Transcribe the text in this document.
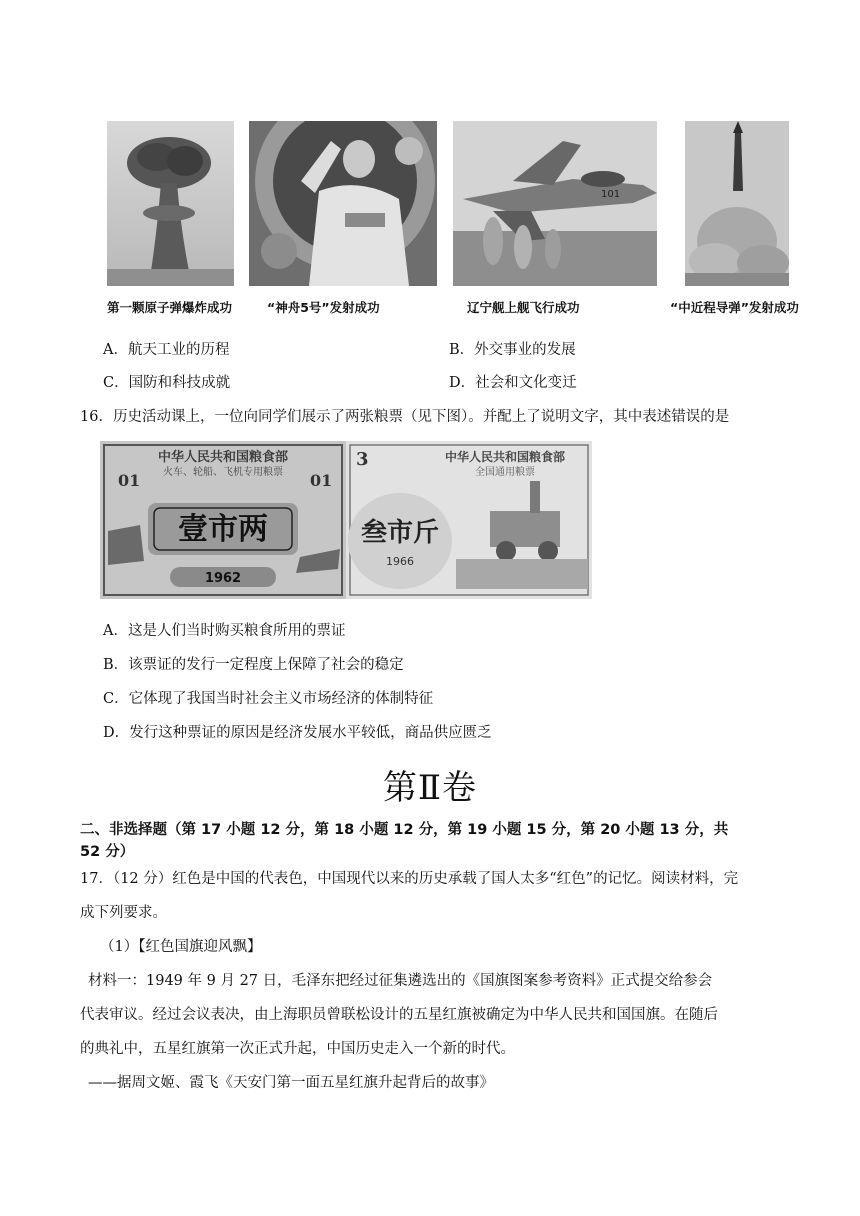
101
第一颗原子弹爆炸成功	“神舟5号”发射成功	辽宁舰上舰飞行成功	“中近程导弹”发射成功
A．航天工业的历程	B．外交事业的发展
C．国防和科技成就	D．社会和文化变迁
16．历史活动课上，一位向同学们展示了两张粮票（见下图）。并配上了说明文字，其中表述错误的是
中华人民共和国粮食部
火车、轮船、飞机专用粮票
01	01
壹市两
1962
3	中华人民共和国粮食部
全国通用粮票
叁市斤
1966
A．这是人们当时购买粮食所用的票证
B．该票证的发行一定程度上保障了社会的稳定
C．它体现了我国当时社会主义市场经济的体制特征
D．发行这种票证的原因是经济发展水平较低，商品供应匮乏
第Ⅱ卷
二、非选择题（第 17 小题 12 分，第 18 小题 12 分，第 19 小题 15 分，第 20 小题 13 分，共
52 分）
17．（12 分）红色是中国的代表色，中国现代以来的历史承载了国人太多“红色”的记忆。阅读材料，完
成下列要求。
（1）【红色国旗迎风飘】
材料一：1949 年 9 月 27 日，毛泽东把经过征集遴选出的《国旗图案参考资料》正式提交给参会
代表审议。经过会议表决，由上海职员曾联松设计的五星红旗被确定为中华人民共和国国旗。在随后
的典礼中，五星红旗第一次正式升起，中国历史走入一个新的时代。
——据周文姬、霞飞《天安门第一面五星红旗升起背后的故事》
